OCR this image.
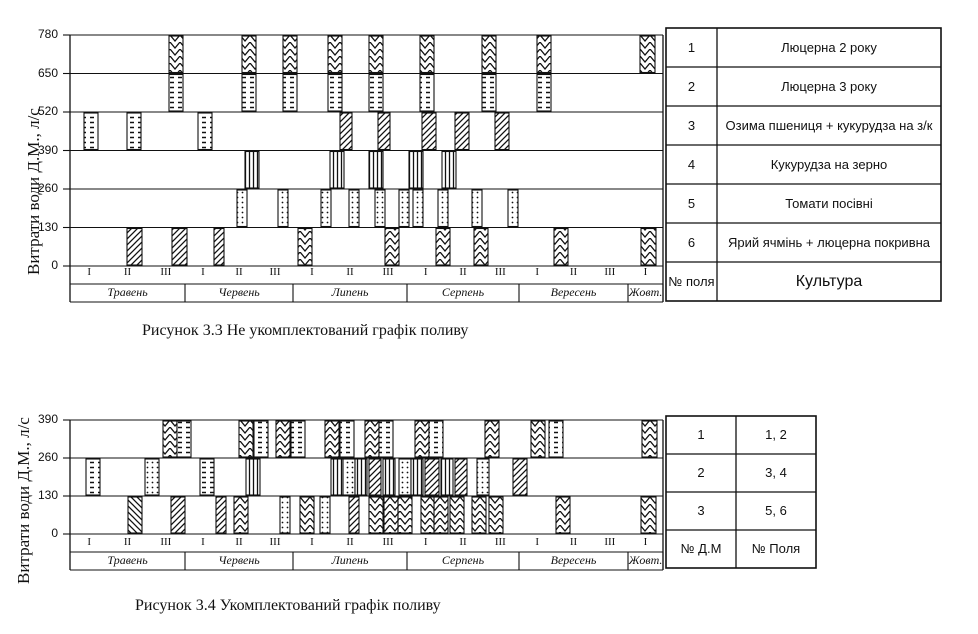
Витрати води Д.М., л/с
780
650
520
390
260
130
0	I	II	III	I	II	III	I	II	III	I	II	III	I	II	III	I
Травень	Червень	Липень	Серпень	Вересень	Жовт.
1	Люцерна 2 року
2	Люцерна 3 року
3	Озима пшениця + кукурудза на з/к
4	Кукурудза на зерно
5	Томати посівні
6	Ярий ячмінь + люцерна покривна
№ поля	Культура
Рисунок 3.3 Не укомплектований графік поливу
Витрати води Д.М., л/с 390
260
130
0
I	II	III	I	II	III	I	II	III	I	II	III	I	II	III	I
Травень	Червень	Липень	Серпень	Вересень	Жовт.
1	1, 2
2	3, 4
3	5, 6
№ Д.М	№ Поля
Рисунок 3.4 Укомплектований графік поливу
